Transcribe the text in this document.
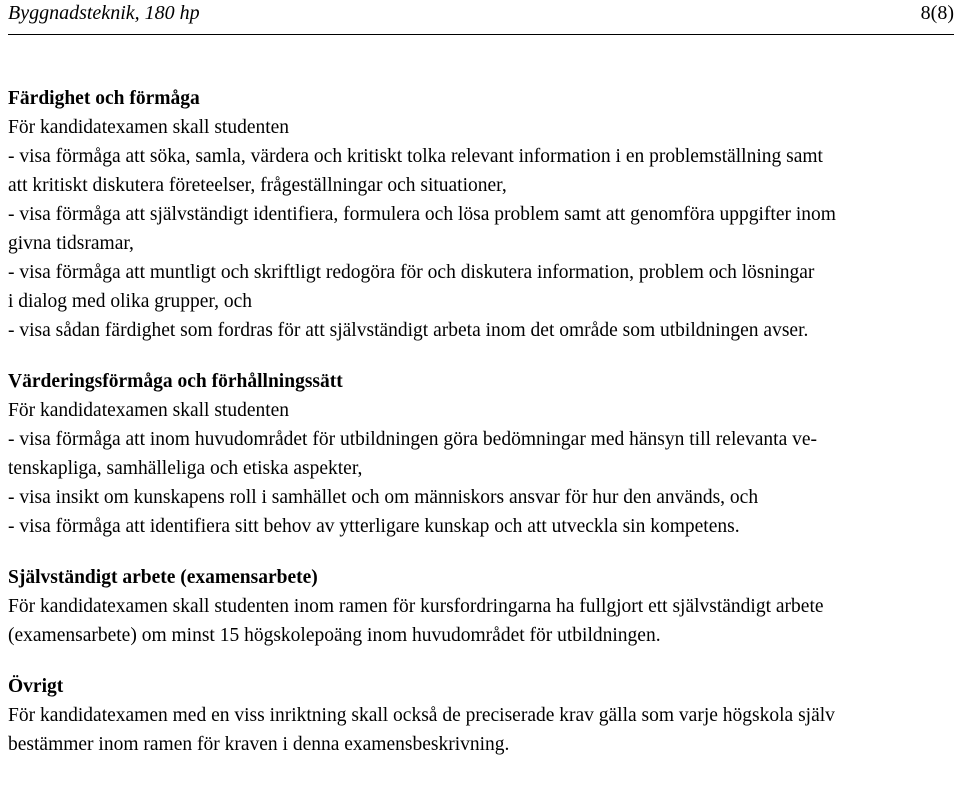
Byggnadsteknik, 180 hp	8(8)

Färdighet och förmåga

För kandidatexamen skall studenten

- visa förmåga att söka, samla, värdera och kritiskt tolka relevant information i en problemställning samt

att kritiskt diskutera företeelser, frågeställningar och situationer,

- visa förmåga att självständigt identifiera, formulera och lösa problem samt att genomföra uppgifter inom

givna tidsramar,

- visa förmåga att muntligt och skriftligt redogöra för och diskutera information, problem och lösningar

i dialog med olika grupper, och

- visa sådan färdighet som fordras för att självständigt arbeta inom det område som utbildningen avser.

Värderingsförmåga och förhållningssätt

För kandidatexamen skall studenten

- visa förmåga att inom huvudområdet för utbildningen göra bedömningar med hänsyn till relevanta ve-

tenskapliga, samhälleliga och etiska aspekter,

- visa insikt om kunskapens roll i samhället och om människors ansvar för hur den används, och

- visa förmåga att identifiera sitt behov av ytterligare kunskap och att utveckla sin kompetens.

Självständigt arbete (examensarbete)

För kandidatexamen skall studenten inom ramen för kursfordringarna ha fullgjort ett självständigt arbete

(examensarbete) om minst 15 högskolepoäng inom huvudområdet för utbildningen.

Övrigt

För kandidatexamen med en viss inriktning skall också de preciserade krav gälla som varje högskola själv

bestämmer inom ramen för kraven i denna examensbeskrivning.
